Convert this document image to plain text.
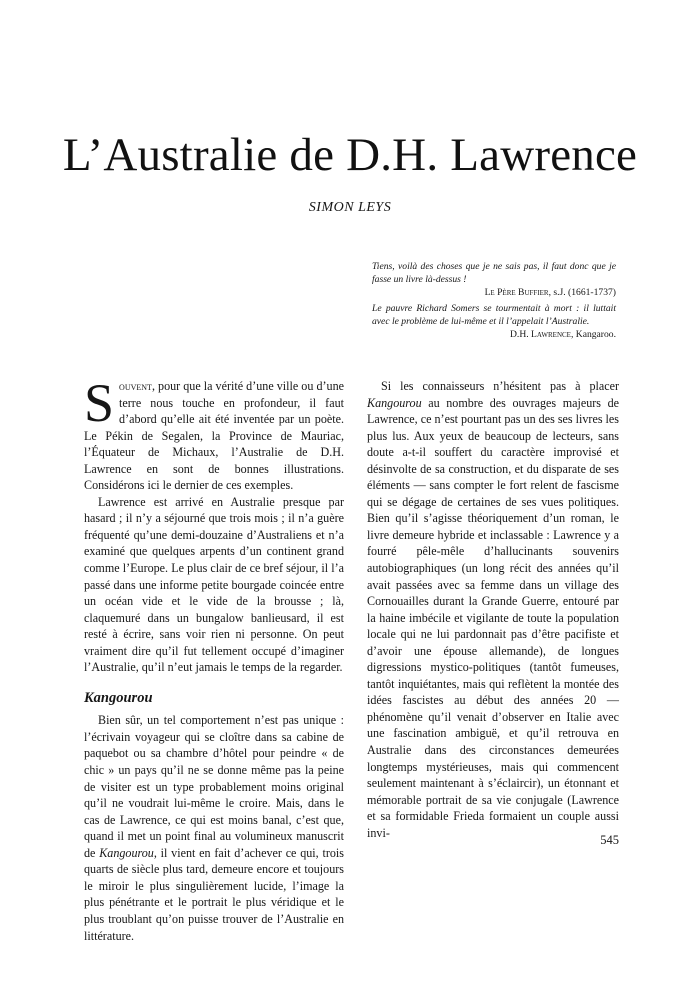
L’Australie de D.H. Lawrence
SIMON LEYS
Tiens, voilà des choses que je ne sais pas, il faut donc que je fasse un livre là-dessus !
Le Père Buffier, s.J. (1661-1737)
Le pauvre Richard Somers se tourmentait à mort : il luttait avec le problème de lui-même et il l’appelait l’Australie.
D.H. Lawrence, Kangaroo.

Souvent, pour que la vérité d’une ville ou d’une terre nous touche en profondeur, il faut d’abord qu’elle ait été inventée par un poète. Le Pékin de Segalen, la Province de Mauriac, l’Équateur de Michaux, l’Australie de D.H. Lawrence en sont de bonnes illustrations. Considérons ici le dernier de ces exemples.

Lawrence est arrivé en Australie presque par hasard ; il n’y a séjourné que trois mois ; il n’a guère fréquenté qu’une demi-douzaine d’Australiens et n’a examiné que quelques arpents d’un continent grand comme l’Europe. Le plus clair de ce bref séjour, il l’a passé dans une informe petite bourgade coincée entre un océan vide et le vide de la brousse ; là, claquemuré dans un bungalow banlieusard, il est resté à écrire, sans voir rien ni personne. On peut vraiment dire qu’il fut tellement occupé d’imaginer l’Australie, qu’il n’eut jamais le temps de la regarder.

Kangourou

Bien sûr, un tel comportement n’est pas unique : l’écrivain voyageur qui se cloître dans sa cabine de paquebot ou sa chambre d’hôtel pour peindre « de chic » un pays qu’il ne se donne même pas la peine de visiter est un type probablement moins original qu’il ne voudrait lui-même le croire. Mais, dans le cas de Lawrence, ce qui est moins banal, c’est que, quand il met un point final au volumineux manuscrit de Kangourou, il vient en fait d’achever ce qui, trois quarts de siècle plus tard, demeure encore et toujours le miroir le plus singulièrement lucide, l’image la plus pénétrante et le portrait le plus véridique et le plus troublant qu’on puisse trouver de l’Australie en littérature.

Si les connaisseurs n’hésitent pas à placer Kangourou au nombre des ouvrages majeurs de Lawrence, ce n’est pourtant pas un des ses livres les plus lus. Aux yeux de beaucoup de lecteurs, sans doute a-t-il souffert du caractère improvisé et désinvolte de sa construction, et du disparate de ses éléments — sans compter le fort relent de fascisme qui se dégage de certaines de ses vues politiques. Bien qu’il s’agisse théoriquement d’un roman, le livre demeure hybride et inclassable : Lawrence y a fourré pêle-mêle d’hallucinants souvenirs autobiographiques (un long récit des années qu’il avait passées avec sa femme dans un village des Cornouailles durant la Grande Guerre, entouré par la haine imbécile et vigilante de toute la population locale qui ne lui pardonnait pas d’être pacifiste et d’avoir une épouse allemande), de longues digressions mystico-politiques (tantôt fumeuses, tantôt inquiétantes, mais qui reflètent la montée des idées fascistes au début des années 20 — phénomène qu’il venait d’observer en Italie avec une fascination ambiguë, et qu’il retrouva en Australie dans des circonstances demeurées longtemps mystérieuses, mais qui commencent seulement maintenant à s’éclaircir), un étonnant et mémorable portrait de sa vie conjugale (Lawrence et sa formidable Frieda formaient un couple aussi invi-

545
